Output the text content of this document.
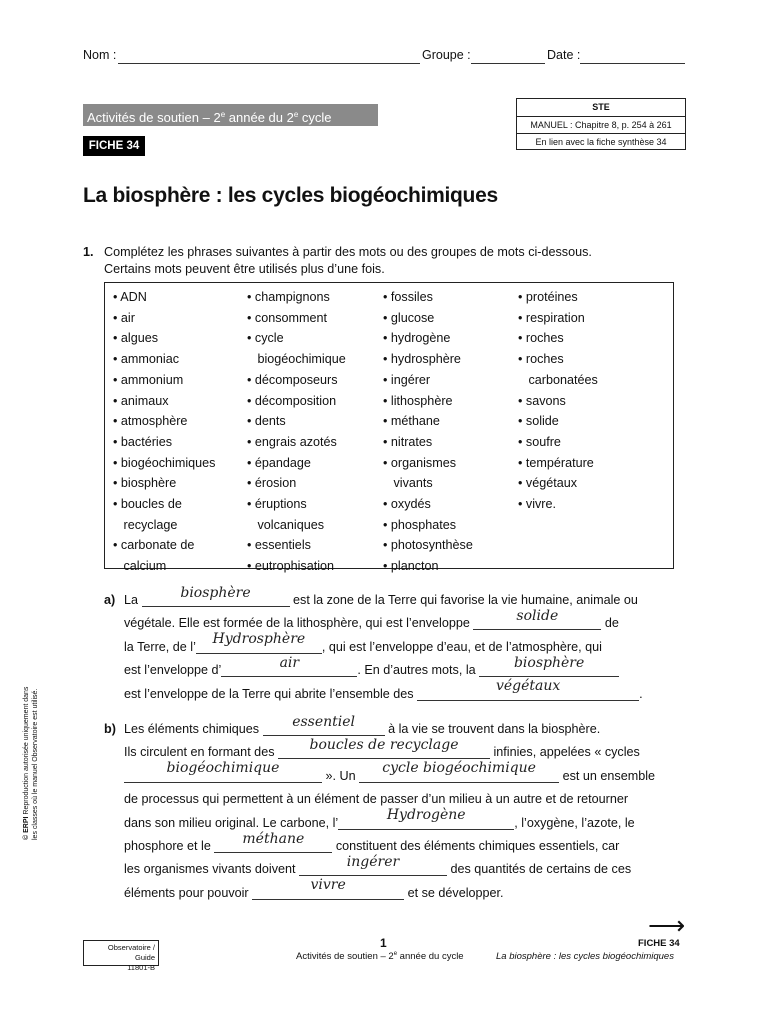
Nom :	Groupe :	Date :
Activités de soutien – 2e année du 2e cycle
FICHE 34
STE
MANUEL : Chapitre 8, p. 254 à 261
En lien avec la fiche synthèse 34
La biosphère : les cycles biogéochimiques
1. Complétez les phrases suivantes à partir des mots ou des groupes de mots ci-dessous.
Certains mots peuvent être utilisés plus d’une fois.
• ADN
• air
• algues
• ammoniac
• ammonium
• animaux
• atmosphère
• bactéries
• biogéochimiques
• biosphère
• boucles de
recyclage
• carbonate de
calcium
• champignons
• consomment
• cycle
biogéochimique
• décomposeurs
• décomposition
• dents
• engrais azotés
• épandage
• érosion
• éruptions
volcaniques
• essentiels
• eutrophisation
• fossiles
• glucose
• hydrogène
• hydrosphère
• ingérer
• lithosphère
• méthane
• nitrates
• organismes
vivants
• oxydés
• phosphates
• photosynthèse
• plancton
• protéines
• respiration
• roches
• roches
carbonatées
• savons
• solide
• soufre
• température
• végétaux
• vivre.
a) La	biosphère	est la zone de la Terre qui favorise la vie humaine, animale ou
végétale. Elle est formée de la lithosphère, qui est l’enveloppe	solide	de
la Terre, de l’	Hydrosphère	, qui est l’enveloppe d’eau, et de l’atmosphère, qui
est l’enveloppe d’	air	. En d’autres mots, la	biosphère
est l’enveloppe de la Terre qui abrite l’ensemble des	végétaux	.
b) Les éléments chimiques	essentiel	à la vie se trouvent dans la biosphère.
Ils circulent en formant des	boucles de recyclage	infinies, appelées « cycles
biogéochimique	». Un	cycle biogéochimique	est un ensemble
de processus qui permettent à un élément de passer d’un milieu à un autre et de retourner
dans son milieu original. Le carbone, l’	Hydrogène	, l’oxygène, l’azote, le
phosphore et le	méthane	constituent des éléments chimiques essentiels, car
les organismes vivants doivent	ingérer	des quantités de certains de ces
éléments pour pouvoir	vivre	et se développer.
© ERPI Reproduction autorisée uniquement dans les classes où le manuel Observatoire est utilisé.
⟶
Observatoire / Guide
11801-B
1
Activités de soutien – 2e année du cycle
FICHE 34
La biosphère : les cycles biogéochimiques
